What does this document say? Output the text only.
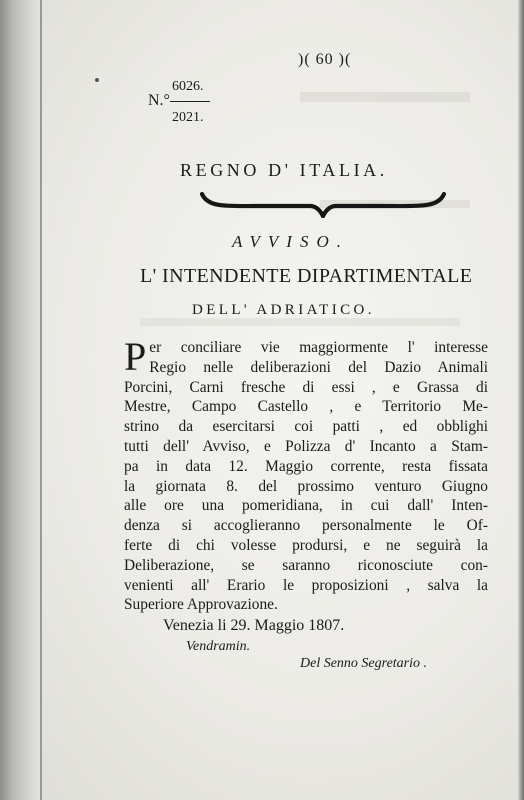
)( 60 )(
N.°
6026.
2021.
REGNO D' ITALIA.
AVVISO.
L' INTENDENTE DIPARTIMENTALE
DELL' ADRIATICO.
P er conciliare vie maggiormente l' interesse
Regio nelle deliberazioni del Dazio Animali
Porcini, Carni fresche di essi , e Grassa di
Mestre, Campo Castello , e Territorio Me-
strino da esercitarsi coi patti , ed obblighi
tutti dell' Avviso, e Polizza d' Incanto a Stam-
pa in data 12. Maggio corrente, resta fissata
la giornata 8. del prossimo venturo Giugno
alle ore una pomeridiana, in cui dall' Inten-
denza si accoglieranno personalmente le Of-
ferte di chi volesse prodursi, e ne seguirà la
Deliberazione, se saranno riconosciute con-
venienti all' Erario le proposizioni , salva la
Superiore Approvazione.
Venezia li 29. Maggio 1807.
Vendramin.
Del Senno Segretario .
